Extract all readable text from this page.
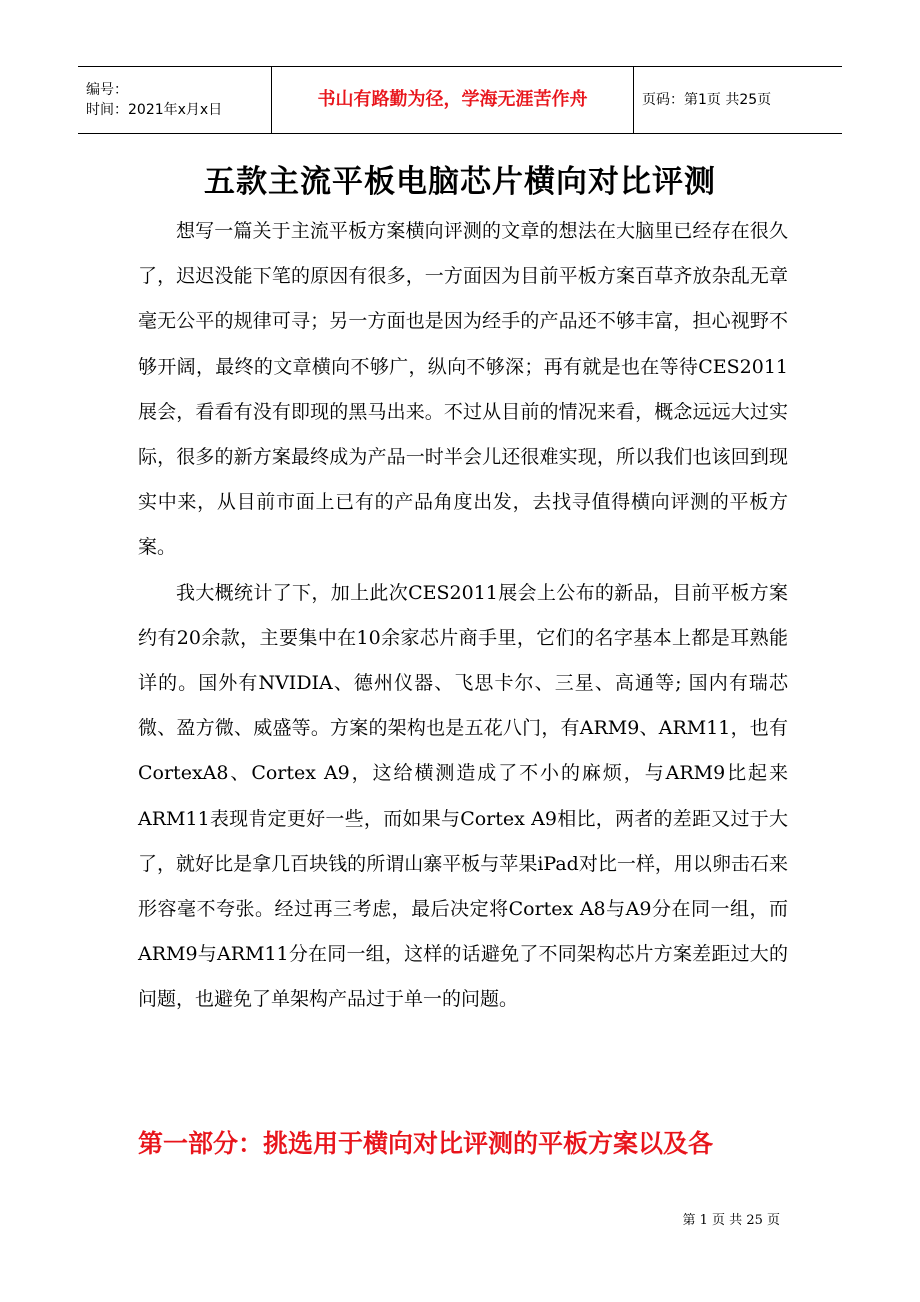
编号：
时间：2021年x月x日	书山有路勤为径，学海无涯苦作舟	页码：第1页 共25页
五款主流平板电脑芯片横向对比评测

想写一篇关于主流平板方案横向评测的文章的想法在大脑里已经存在很久了，迟迟没能下笔的原因有很多，一方面因为目前平板方案百草齐放杂乱无章毫无公平的规律可寻；另一方面也是因为经手的产品还不够丰富，担心视野不够开阔，最终的文章横向不够广，纵向不够深；再有就是也在等待CES2011展会，看看有没有即现的黑马出来。不过从目前的情况来看，概念远远大过实际，很多的新方案最终成为产品一时半会儿还很难实现，所以我们也该回到现实中来，从目前市面上已有的产品角度出发，去找寻值得横向评测的平板方案。

我大概统计了下，加上此次CES2011展会上公布的新品，目前平板方案约有20余款，主要集中在10余家芯片商手里，它们的名字基本上都是耳熟能详的。国外有NVIDIA、德州仪器、飞思卡尔、三星、高通等; 国内有瑞芯微、盈方微、威盛等。方案的架构也是五花八门，有ARM9、ARM11，也有CortexA8、Cortex A9，这给横测造成了不小的麻烦，与ARM9比起来ARM11表现肯定更好一些，而如果与Cortex A9相比，两者的差距又过于大了，就好比是拿几百块钱的所谓山寨平板与苹果iPad对比一样，用以卵击石来形容毫不夸张。经过再三考虑，最后决定将Cortex A8与A9分在同一组，而ARM9与ARM11分在同一组，这样的话避免了不同架构芯片方案差距过大的问题，也避免了单架构产品过于单一的问题。

第一部分：挑选用于横向对比评测的平板方案以及各
第 1 页 共 25 页
